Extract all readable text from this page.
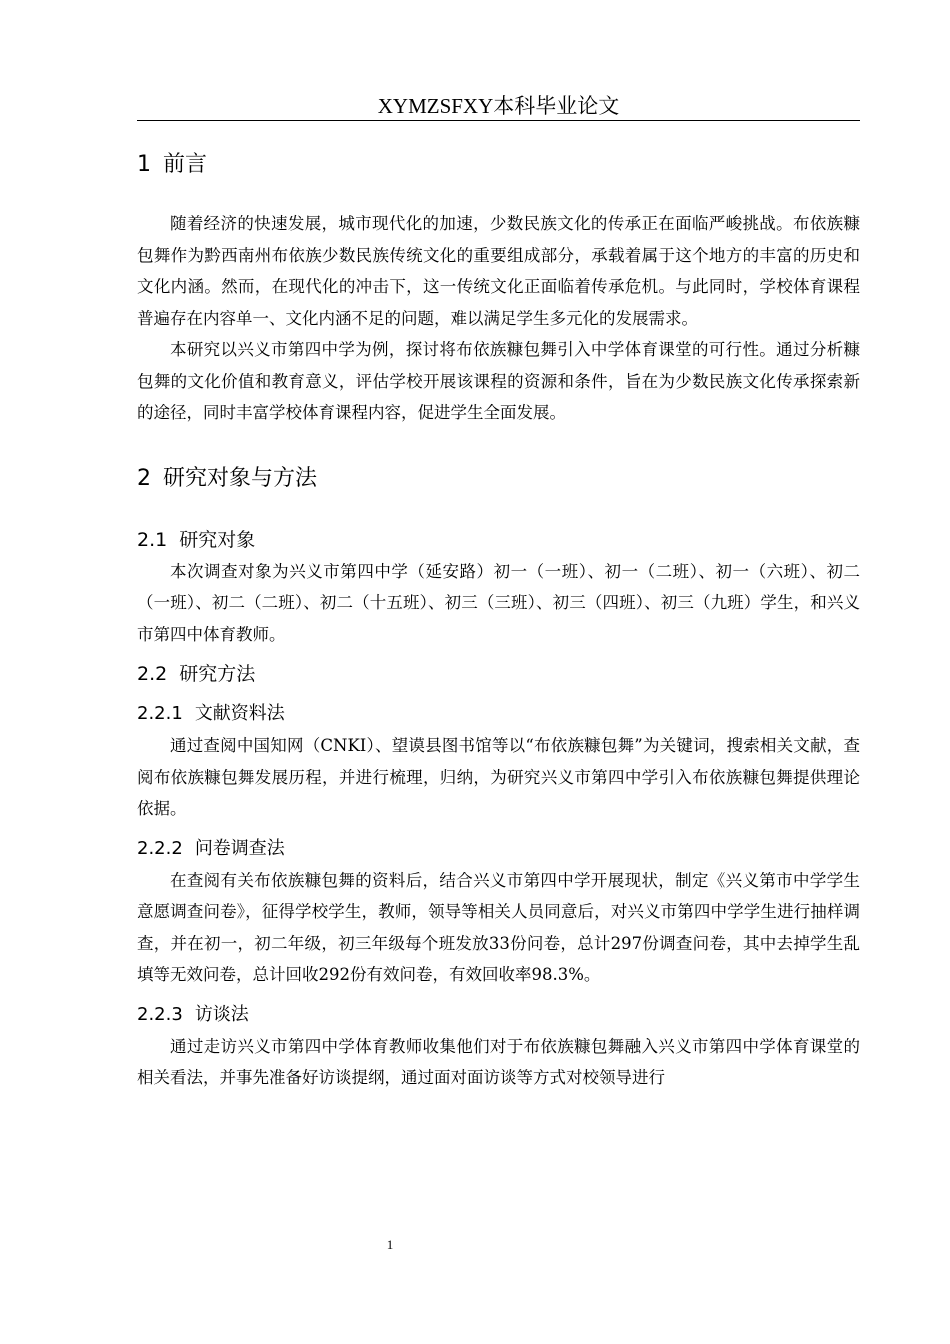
XYMZSFXY本科毕业论文
1 前言

随着经济的快速发展，城市现代化的加速，少数民族文化的传承正在面临严峻挑战。布依族糠包舞作为黔西南州布依族少数民族传统文化的重要组成部分，承载着属于这个地方的丰富的历史和文化内涵。然而，在现代化的冲击下，这一传统文化正面临着传承危机。与此同时，学校体育课程普遍存在内容单一、文化内涵不足的问题，难以满足学生多元化的发展需求。

本研究以兴义市第四中学为例，探讨将布依族糠包舞引入中学体育课堂的可行性。通过分析糠包舞的文化价值和教育意义，评估学校开展该课程的资源和条件，旨在为少数民族文化传承探索新的途径，同时丰富学校体育课程内容，促进学生全面发展。

2 研究对象与方法
2.1 研究对象

本次调查对象为兴义市第四中学（延安路）初一（一班）、初一（二班）、初一（六班）、初二（一班）、初二（二班）、初二（十五班）、初三（三班）、初三（四班）、初三（九班）学生，和兴义市第四中体育教师。

2.2 研究方法
2.2.1 文献资料法

通过查阅中国知网（CNKI）、望谟县图书馆等以“布依族糠包舞”为关键词，搜索相关文献，查阅布依族糠包舞发展历程，并进行梳理，归纳，为研究兴义市第四中学引入布依族糠包舞提供理论依据。

2.2.2 问卷调查法

在查阅有关布依族糠包舞的资料后，结合兴义市第四中学开展现状，制定《兴义第市中学学生意愿调查问卷》，征得学校学生，教师，领导等相关人员同意后，对兴义市第四中学学生进行抽样调查，并在初一，初二年级，初三年级每个班发放33份问卷，总计297份调查问卷，其中去掉学生乱填等无效问卷，总计回收292份有效问卷，有效回收率98.3%。

2.2.3 访谈法

通过走访兴义市第四中学体育教师收集他们对于布依族糠包舞融入兴义市第四中学体育课堂的相关看法，并事先准备好访谈提纲，通过面对面访谈等方式对校领导进行

1
